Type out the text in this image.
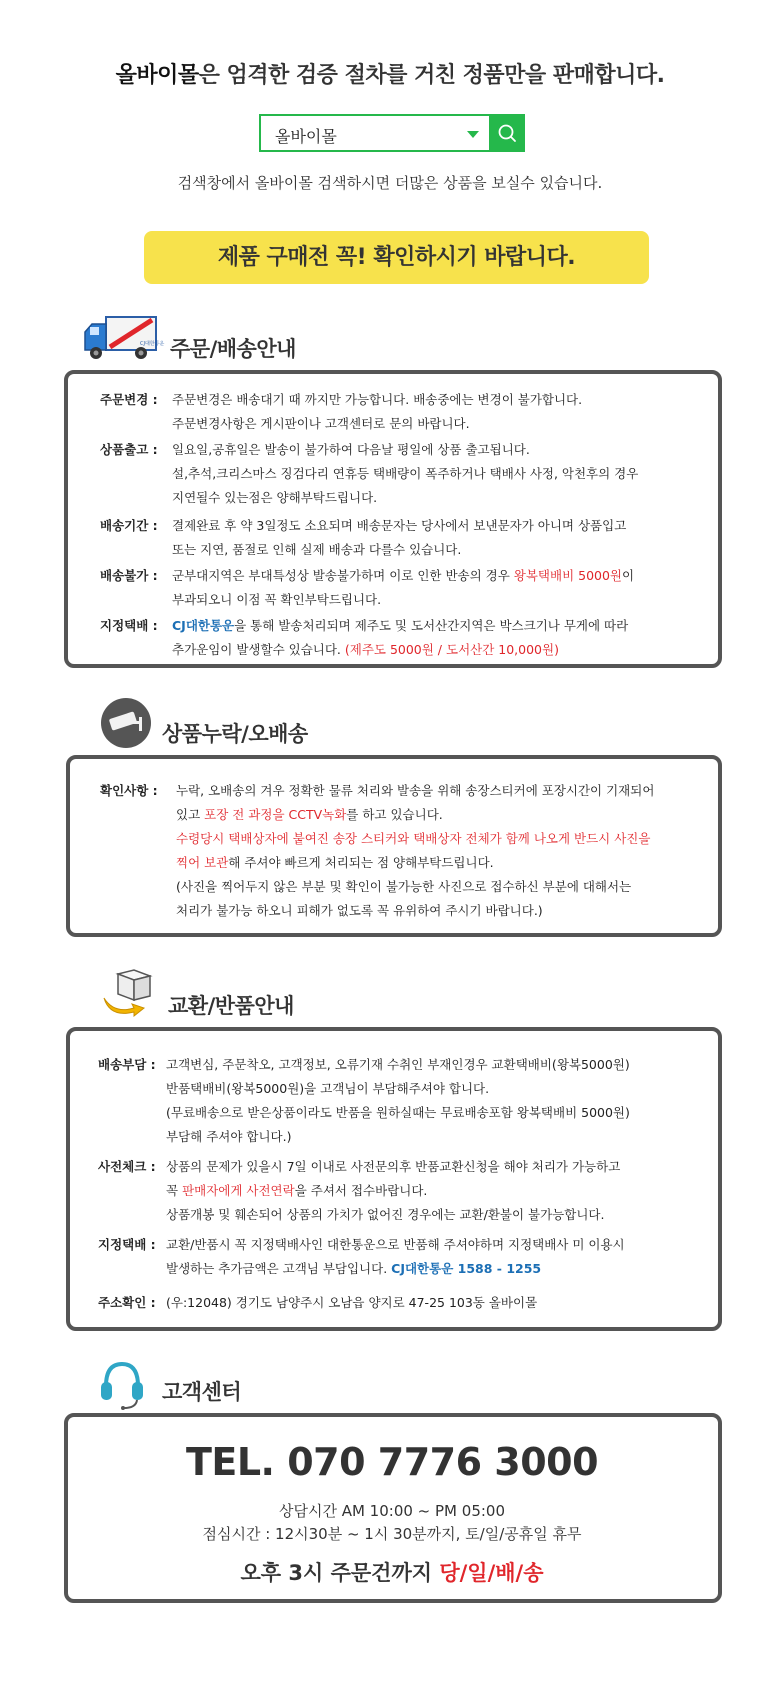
올바이몰은 엄격한 검증 절차를 거친 정품만을 판매합니다.
올바이몰
검색창에서 올바이몰 검색하시면 더많은 상품을 보실수 있습니다.
제품 구매전 꼭! 확인하시기 바랍니다.
CJ대한통운 주문/배송안내
주문변경 : 주문변경은 배송대기 때 까지만 가능합니다. 배송중에는 변경이 불가합니다.
주문변경사항은 게시판이나 고객센터로 문의 바랍니다.
상품출고 : 일요일,공휴일은 발송이 불가하여 다음날 평일에 상품 출고됩니다.
설,추석,크리스마스 징검다리 연휴등 택배량이 폭주하거나 택배사 사정, 악천후의 경우
지연될수 있는점은 양해부탁드립니다.
배송기간 : 결제완료 후 약 3일정도 소요되며 배송문자는 당사에서 보낸문자가 아니며 상품입고
또는 지연, 품절로 인해 실제 배송과 다를수 있습니다.
배송불가 : 군부대지역은 부대특성상 발송불가하며 이로 인한 반송의 경우 왕복택배비 5000원이
부과되오니 이점 꼭 확인부탁드립니다.
지정택배 : CJ대한통운을 통해 발송처리되며 제주도 및 도서산간지역은 박스크기나 무게에 따라
추가운임이 발생할수 있습니다. (제주도 5000원 / 도서산간 10,000원)
상품누락/오배송
확인사항 : 누락, 오배송의 겨우 정확한 물류 처리와 발송을 위해 송장스티커에 포장시간이 기재되어
있고 포장 전 과정을 CCTV녹화를 하고 있습니다.
수령당시 택배상자에 붙여진 송장 스티커와 택배상자 전체가 함께 나오게 반드시 사진을
찍어 보관해 주셔야 빠르게 처리되는 점 양해부탁드립니다.
(사진을 찍어두지 않은 부분 및 확인이 불가능한 사진으로 접수하신 부분에 대해서는
처리가 불가능 하오니 피해가 없도록 꼭 유위하여 주시기 바랍니다.)
교환/반품안내
배송부담 : 고객변심, 주문착오, 고객정보, 오류기재 수취인 부재인경우 교환택배비(왕복5000원)
반품택배비(왕복5000원)을 고객님이 부담해주셔야 합니다.
(무료배송으로 받은상품이라도 반품을 원하실때는 무료배송포함 왕복택배비 5000원)
부담해 주셔야 합니다.)
사전체크 : 상품의 문제가 있을시 7일 이내로 사전문의후 반품교환신청을 해야 처리가 가능하고
꼭 판매자에게 사전연락을 주셔서 접수바랍니다.
상품개봉 및 훼손되어 상품의 가치가 없어진 경우에는 교환/환불이 불가능합니다.
지정택배 : 교환/반품시 꼭 지정택배사인 대한통운으로 반품해 주셔야하며 지정택배사 미 이용시
발생하는 추가금액은 고객님 부담입니다. CJ대한통운 1588 - 1255
주소확인 : (우:12048) 경기도 남양주시 오남읍 양지로 47-25 103동 올바이몰
고객센터
TEL. 070 7776 3000
상담시간 AM 10:00 ~ PM 05:00
점심시간 : 12시30분 ~ 1시 30분까지, 토/일/공휴일 휴무
오후 3시 주문건까지 당/일/배/송
